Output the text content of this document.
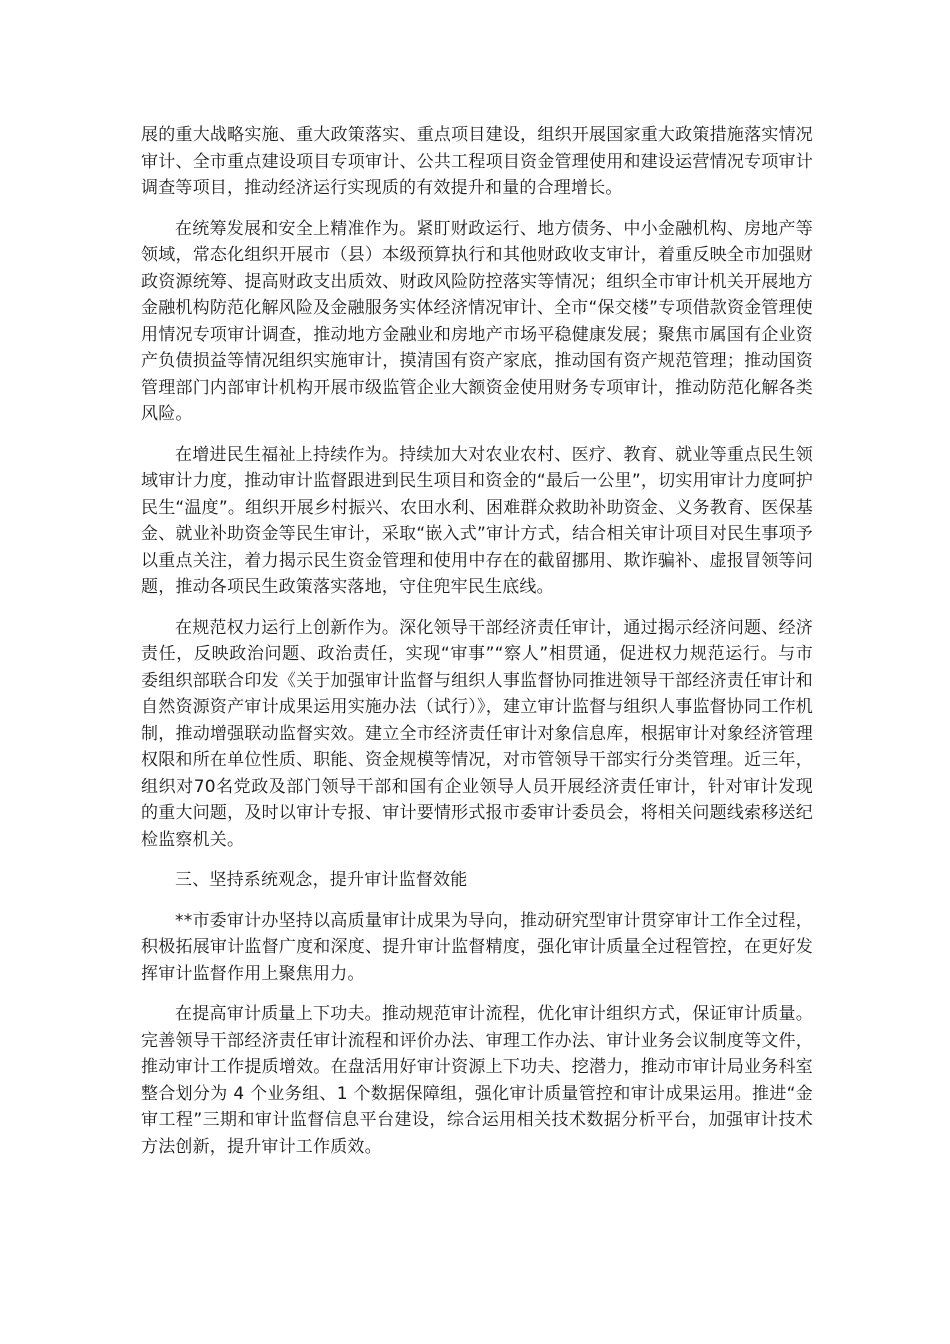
展的重大战略实施、重大政策落实、重点项目建设，组织开展国家重大政策措施落实情况审计、全市重点建设项目专项审计、公共工程项目资金管理使用和建设运营情况专项审计调查等项目，推动经济运行实现质的有效提升和量的合理增长。

在统筹发展和安全上精准作为。紧盯财政运行、地方债务、中小金融机构、房地产等领域，常态化组织开展市（县）本级预算执行和其他财政收支审计，着重反映全市加强财政资源统筹、提高财政支出质效、财政风险防控落实等情况；组织全市审计机关开展地方金融机构防范化解风险及金融服务实体经济情况审计、全市“保交楼”专项借款资金管理使用情况专项审计调查，推动地方金融业和房地产市场平稳健康发展；聚焦市属国有企业资产负债损益等情况组织实施审计，摸清国有资产家底，推动国有资产规范管理；推动国资管理部门内部审计机构开展市级监管企业大额资金使用财务专项审计，推动防范化解各类风险。

在增进民生福祉上持续作为。持续加大对农业农村、医疗、教育、就业等重点民生领域审计力度，推动审计监督跟进到民生项目和资金的“最后一公里”，切实用审计力度呵护民生“温度”。组织开展乡村振兴、农田水利、困难群众救助补助资金、义务教育、医保基金、就业补助资金等民生审计，采取“嵌入式”审计方式，结合相关审计项目对民生事项予以重点关注，着力揭示民生资金管理和使用中存在的截留挪用、欺诈骗补、虚报冒领等问题，推动各项民生政策落实落地，守住兜牢民生底线。

在规范权力运行上创新作为。深化领导干部经济责任审计，通过揭示经济问题、经济责任，反映政治问题、政治责任，实现“审事”“察人”相贯通，促进权力规范运行。与市委组织部联合印发《关于加强审计监督与组织人事监督协同推进领导干部经济责任审计和自然资源资产审计成果运用实施办法（试行）》，建立审计监督与组织人事监督协同工作机制，推动增强联动监督实效。建立全市经济责任审计对象信息库，根据审计对象经济管理权限和所在单位性质、职能、资金规模等情况，对市管领导干部实行分类管理。近三年，组织对70名党政及部门领导干部和国有企业领导人员开展经济责任审计，针对审计发现的重大问题，及时以审计专报、审计要情形式报市委审计委员会，将相关问题线索移送纪检监察机关。

三、坚持系统观念，提升审计监督效能

**市委审计办坚持以高质量审计成果为导向，推动研究型审计贯穿审计工作全过程，积极拓展审计监督广度和深度、提升审计监督精度，强化审计质量全过程管控，在更好发挥审计监督作用上聚焦用力。

在提高审计质量上下功夫。推动规范审计流程，优化审计组织方式，保证审计质量。完善领导干部经济责任审计流程和评价办法、审理工作办法、审计业务会议制度等文件，推动审计工作提质增效。在盘活用好审计资源上下功夫、挖潜力，推动市审计局业务科室整合划分为 4 个业务组、1 个数据保障组，强化审计质量管控和审计成果运用。推进“金审工程”三期和审计监督信息平台建设，综合运用相关技术数据分析平台，加强审计技术方法创新，提升审计工作质效。
